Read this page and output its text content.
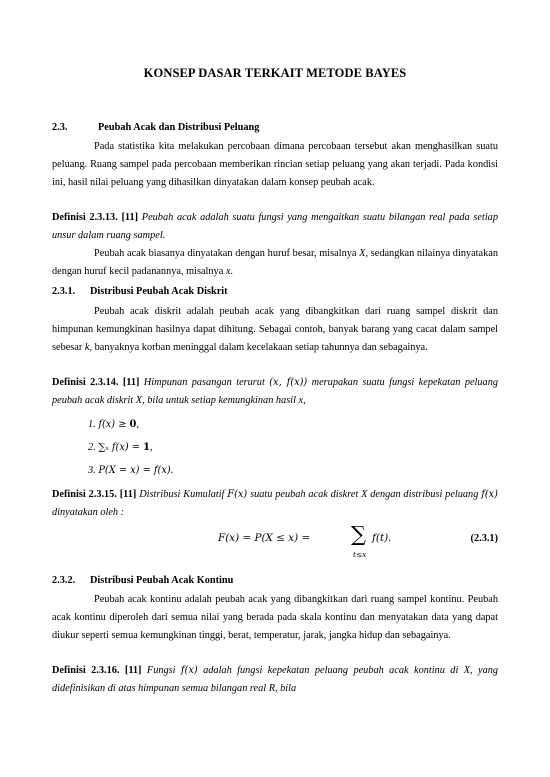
KONSEP DASAR TERKAIT METODE BAYES
2.3.	Peubah Acak dan Distribusi Peluang

Pada statistika kita melakukan percobaan dimana percobaan tersebut akan menghasilkan suatu peluang. Ruang sampel pada percobaan memberikan rincian setiap peluang yang akan terjadi. Pada kondisi ini, hasil nilai peluang yang dihasilkan dinyatakan dalam konsep peubah acak.

Definisi 2.3.13. [11] Peubah acak adalah suatu fungsi yang mengaitkan suatu bilangan real pada setiap unsur dalam ruang sampel.

Peubah acak biasanya dinyatakan dengan huruf besar, misalnya X, sedangkan nilainya dinyatakan dengan huruf kecil padanannya, misalnya x.

2.3.1. Distribusi Peubah Acak Diskrit

Peubah acak diskrit adalah peubah acak yang dibangkitkan dari ruang sampel diskrit dan himpunan kemungkinan hasilnya dapat dihitung. Sebagai contoh, banyak barang yang cacat dalam sampel sebesar k, banyaknya korban meninggal dalam kecelakaan setiap tahunnya dan sebagainya.

Definisi 2.3.14. [11] Himpunan pasangan terurut (x, f(x)) merupakan suatu fungsi kepekatan peluang peubah acak diskrit X, bila untuk setiap kemungkinan hasil x,

1. f(x) ≥ 0,
2. ∑ₓ f(x) = 1,
3. P(X = x) = f(x).

Definisi 2.3.15. [11] Distribusi Kumulatif F(x) suatu peubah acak diskret X dengan distribusi peluang f(x) dinyatakan oleh :

F(x) = P(X ≤ x) = ∑
t≤x
f(t).	(2.3.1)
2.3.2. Distribusi Peubah Acak Kontinu

Peubah acak kontinu adalah peubah acak yang dibangkitkan dari ruang sampel kontinu. Peubah acak kontinu diperoleh dari semua nilai yang berada pada skala kontinu dan menyatakan data yang dapat diukur seperti semua kemungkinan tinggi, berat, temperatur, jarak, jangka hidup dan sebagainya.

Definisi 2.3.16. [11] Fungsi f(x) adalah fungsi kepekatan peluang peubah acak kontinu di X, yang didefinisikan di atas himpunan semua bilangan real R, bila
